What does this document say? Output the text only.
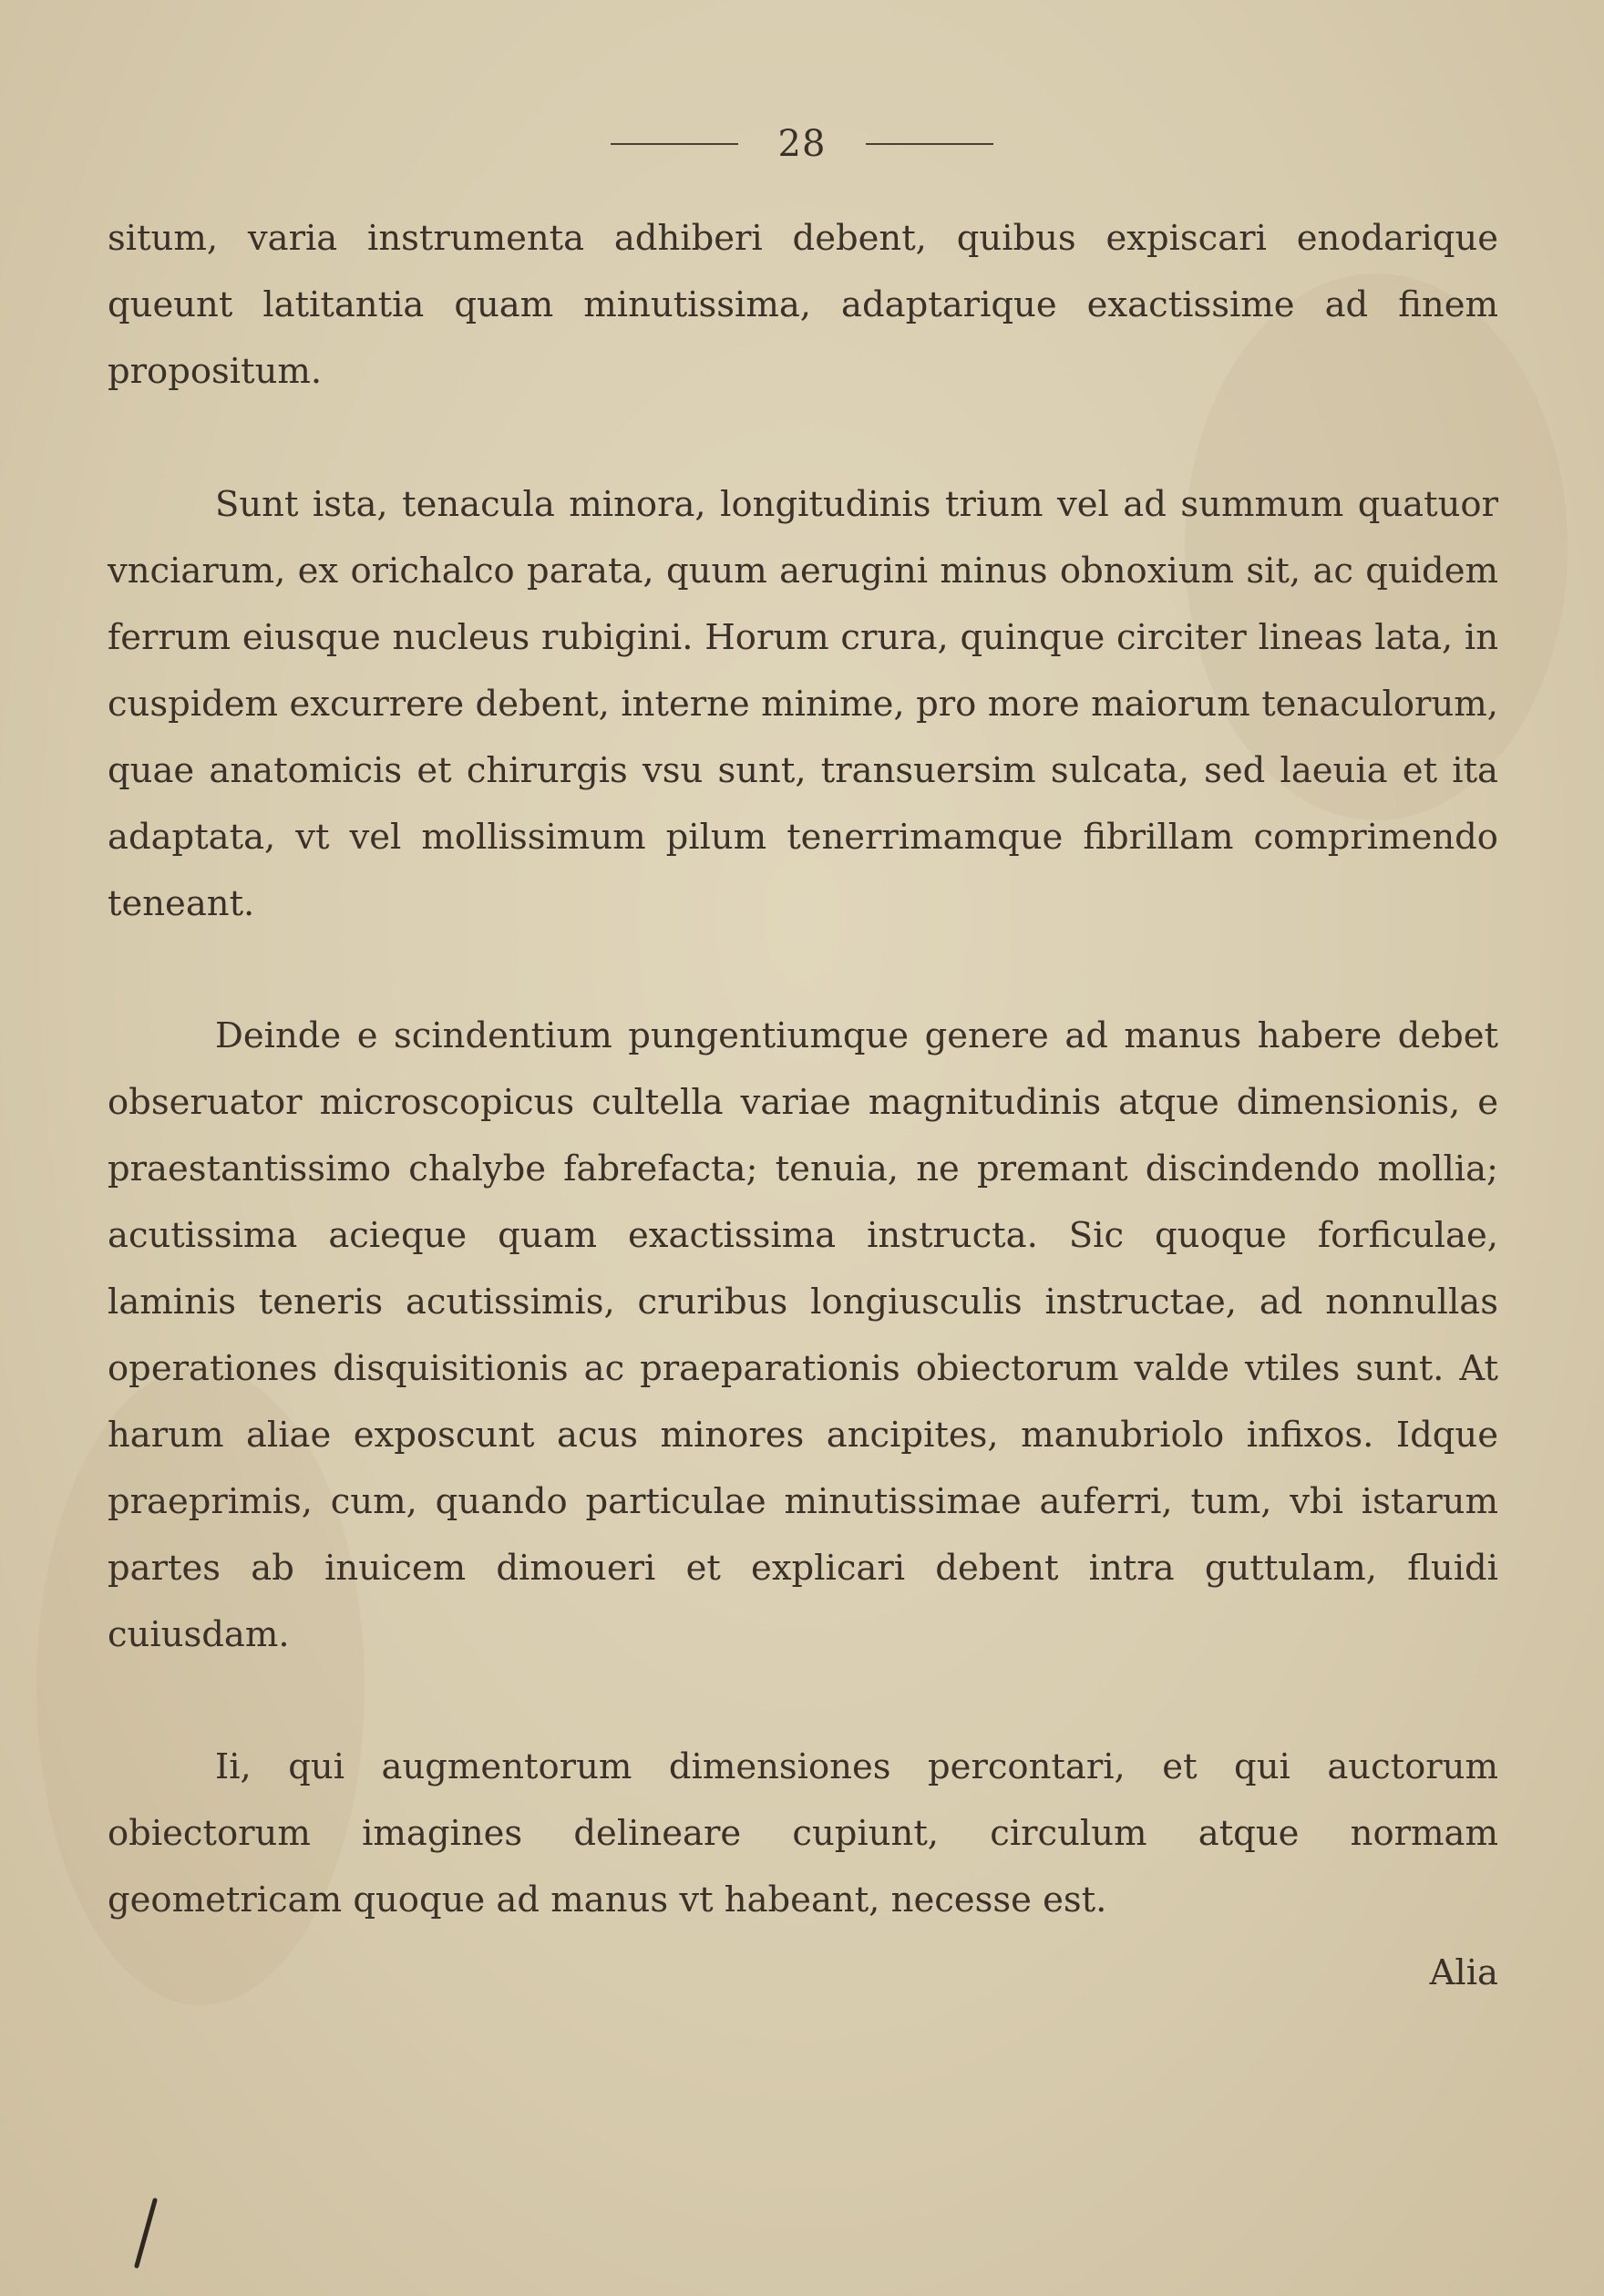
28

situm, varia instrumenta adhiberi debent, quibus expiscari enodarique queunt latitantia quam minutissima, adaptarique exactissime ad finem propositum.

Sunt ista, tenacula minora, longitudinis trium vel ad summum quatuor vnciarum, ex orichalco parata, quum aerugini minus obnoxium sit, ac quidem ferrum eiusque nucleus rubigini. Horum crura, quinque circiter lineas lata, in cuspidem excurrere debent, interne minime, pro more maiorum tenaculorum, quae anatomicis et chirurgis vsu sunt, transuersim sulcata, sed laeuia et ita adaptata, vt vel mollissimum pilum tenerrimamque fibrillam comprimendo teneant.

Deinde e scindentium pungentiumque genere ad manus habere debet obseruator microscopicus cultella variae magnitudinis atque dimensionis, e praestantissimo chalybe fabrefacta; tenuia, ne premant discindendo mollia; acutissima acieque quam exactissima instructa. Sic quoque forficulae, laminis teneris acutissimis, cruribus longiusculis instructae, ad nonnullas operationes disquisitionis ac praeparationis obiectorum valde vtiles sunt. At harum aliae exposcunt acus minores ancipites, manubriolo infixos. Idque praeprimis, cum, quando particulae minutissimae auferri, tum, vbi istarum partes ab inuicem dimoueri et explicari debent intra guttulam, fluidi cuiusdam.

Ii, qui augmentorum dimensiones percontari, et qui auctorum obiectorum imagines delineare cupiunt, circulum atque normam geometricam quoque ad manus vt habeant, necesse est.

Alia
